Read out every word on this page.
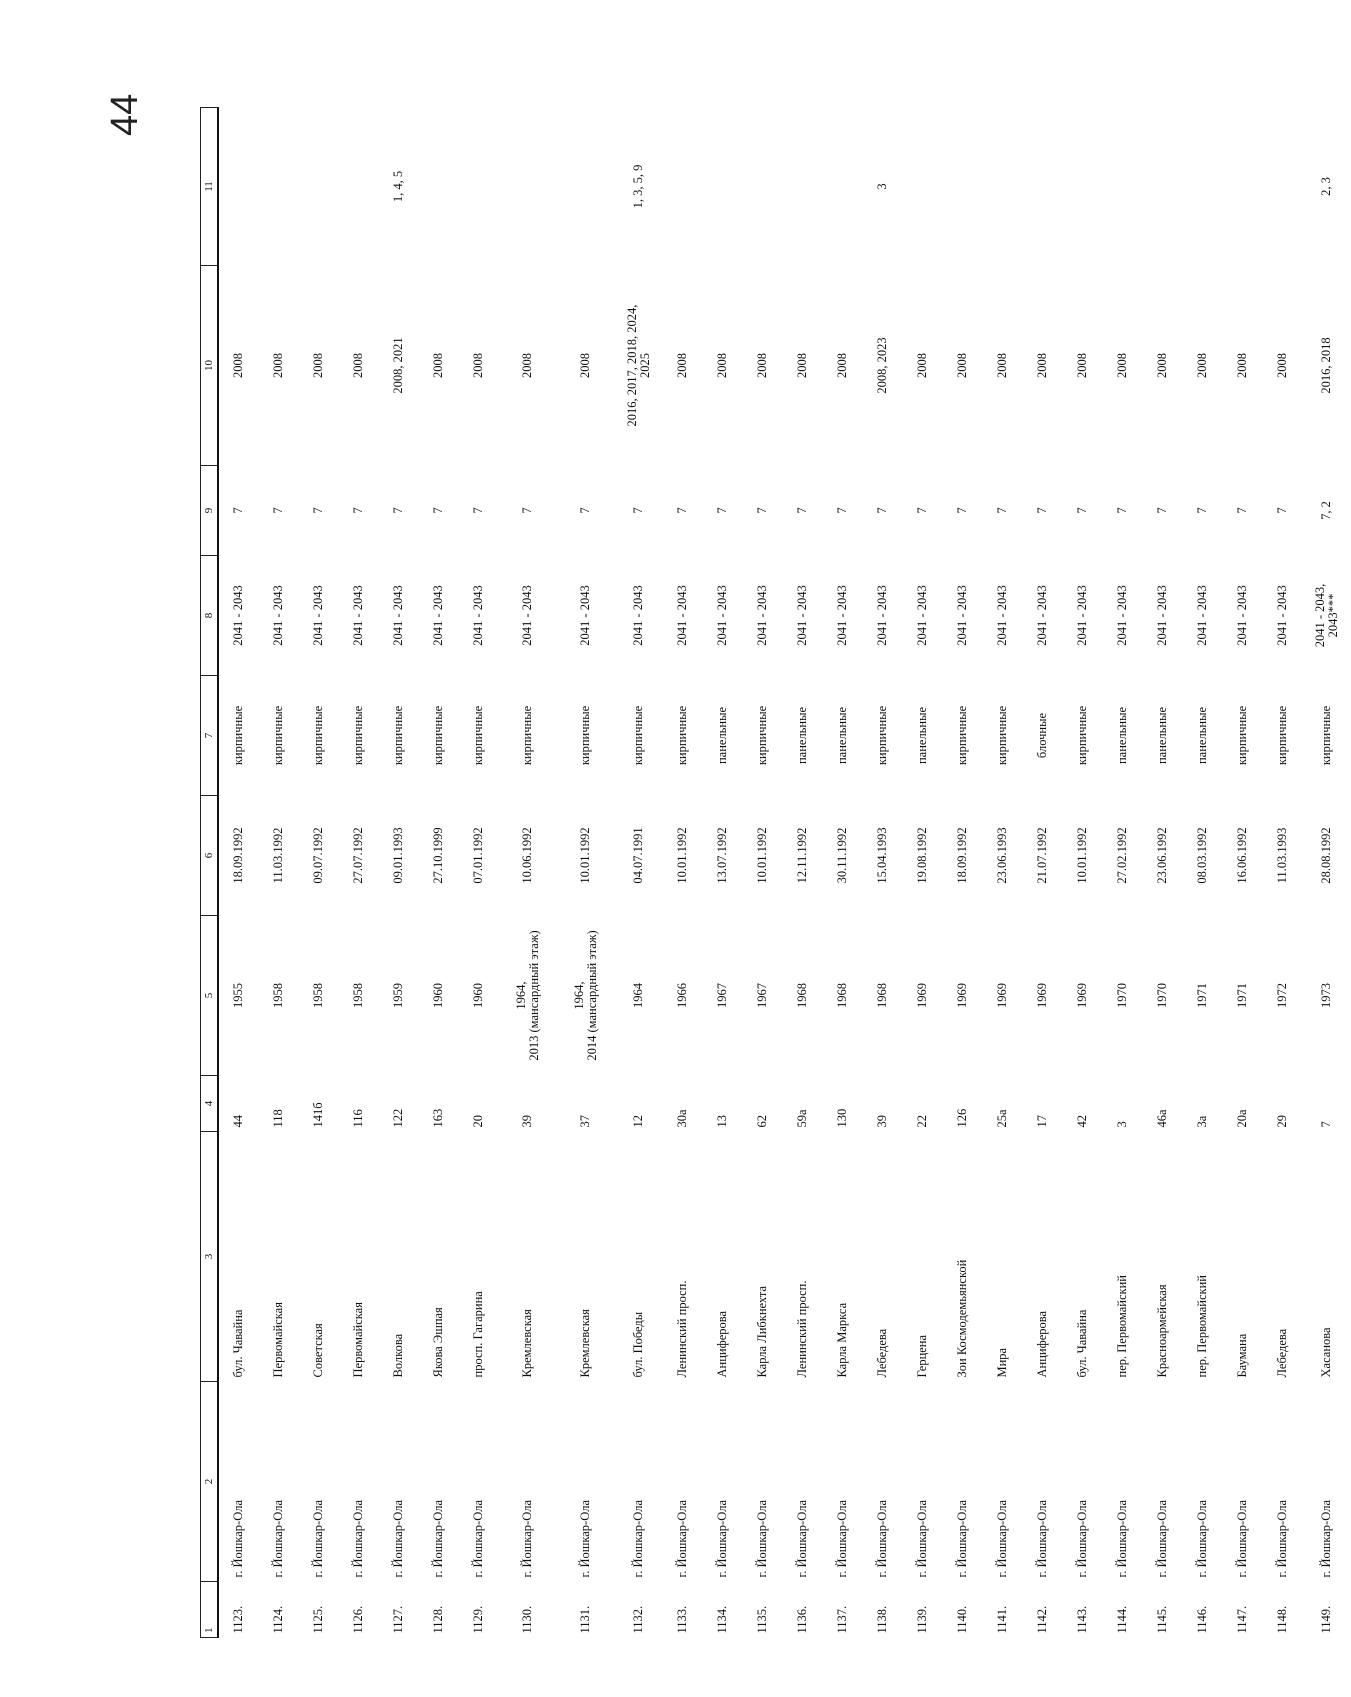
44
1	2	3	4	5	6	7	8	9	10	11
1123.	г. Йошкар-Ола	бул. Чавайна	44	1955	18.09.1992	кирпичные	2041 - 2043	7	2008	
1124.	г. Йошкар-Ола	Первомайская	118	1958	11.03.1992	кирпичные	2041 - 2043	7	2008	
1125.	г. Йошкар-Ола	Советская	141б	1958	09.07.1992	кирпичные	2041 - 2043	7	2008	
1126.	г. Йошкар-Ола	Первомайская	116	1958	27.07.1992	кирпичные	2041 - 2043	7	2008	
1127.	г. Йошкар-Ола	Волкова	122	1959	09.01.1993	кирпичные	2041 - 2043	7	2008, 2021	1, 4, 5
1128.	г. Йошкар-Ола	Якова Эшпая	163	1960	27.10.1999	кирпичные	2041 - 2043	7	2008	
1129.	г. Йошкар-Ола	просп. Гагарина	20	1960	07.01.1992	кирпичные	2041 - 2043	7	2008	
1130.	г. Йошкар-Ола	Кремлевская	39	1964,
2013 (мансардный этаж)	10.06.1992	кирпичные	2041 - 2043	7	2008	
1131.	г. Йошкар-Ола	Кремлевская	37	1964,
2014 (мансардный этаж)	10.01.1992	кирпичные	2041 - 2043	7	2008	
1132.	г. Йошкар-Ола	бул. Победы	12	1964	04.07.1991	кирпичные	2041 - 2043	7	2016, 2017, 2018, 2024,
2025	1, 3, 5, 9
1133.	г. Йошкар-Ола	Ленинский просп.	30а	1966	10.01.1992	кирпичные	2041 - 2043	7	2008	
1134.	г. Йошкар-Ола	Анциферова	13	1967	13.07.1992	панельные	2041 - 2043	7	2008	
1135.	г. Йошкар-Ола	Карла Либкнехта	62	1967	10.01.1992	кирпичные	2041 - 2043	7	2008	
1136.	г. Йошкар-Ола	Ленинский просп.	59а	1968	12.11.1992	панельные	2041 - 2043	7	2008	
1137.	г. Йошкар-Ола	Карла Маркса	130	1968	30.11.1992	панельные	2041 - 2043	7	2008	
1138.	г. Йошкар-Ола	Лебедева	39	1968	15.04.1993	кирпичные	2041 - 2043	7	2008, 2023	3
1139.	г. Йошкар-Ола	Герцена	22	1969	19.08.1992	панельные	2041 - 2043	7	2008	
1140.	г. Йошкар-Ола	Зои Космодемьянской	126	1969	18.09.1992	кирпичные	2041 - 2043	7	2008	
1141.	г. Йошкар-Ола	Мира	25а	1969	23.06.1993	кирпичные	2041 - 2043	7	2008	
1142.	г. Йошкар-Ола	Анциферова	17	1969	21.07.1992	блочные	2041 - 2043	7	2008	
1143.	г. Йошкар-Ола	бул. Чавайна	42	1969	10.01.1992	кирпичные	2041 - 2043	7	2008	
1144.	г. Йошкар-Ола	пер. Первомайский	3	1970	27.02.1992	панельные	2041 - 2043	7	2008	
1145.	г. Йошкар-Ола	Красноармейская	46а	1970	23.06.1992	панельные	2041 - 2043	7	2008	
1146.	г. Йошкар-Ола	пер. Первомайский	3а	1971	08.03.1992	панельные	2041 - 2043	7	2008	
1147.	г. Йошкар-Ола	Баумана	20а	1971	16.06.1992	кирпичные	2041 - 2043	7	2008	
1148.	г. Йошкар-Ола	Лебедева	29	1972	11.03.1993	кирпичные	2041 - 2043	7	2008	
1149.	г. Йошкар-Ола	Хасанова	7	1973	28.08.1992	кирпичные	2041 - 2043,
2043***	7, 2	2016, 2018	2, 3
